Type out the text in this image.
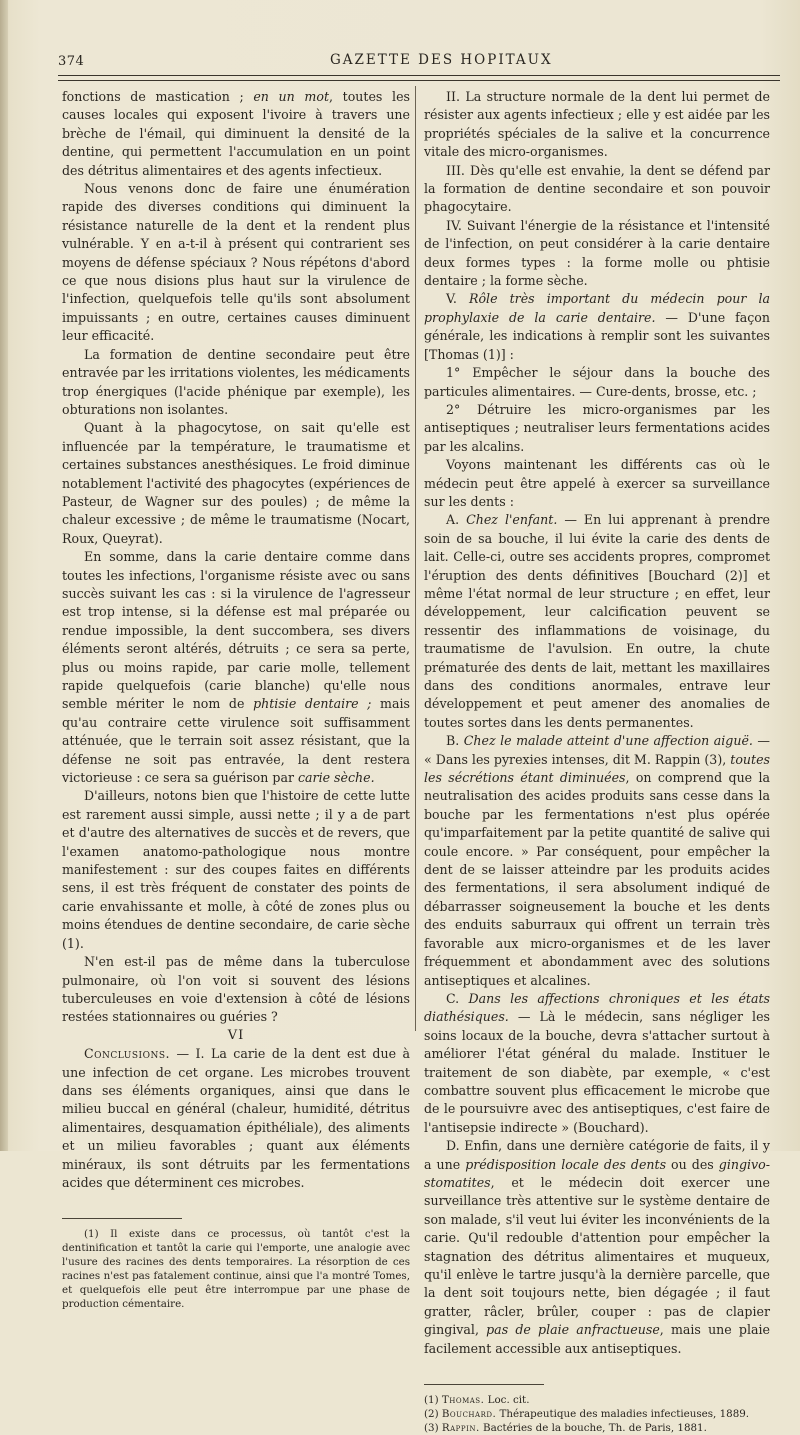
374	GAZETTE DES HOPITAUX

fonctions de mastication ; en un mot, toutes les causes locales qui exposent l'ivoire à travers une brèche de l'émail, qui diminuent la densité de la dentine, qui permettent l'accumulation en un point des détritus alimentaires et des agents infectieux.

Nous venons donc de faire une énumération rapide des diverses conditions qui diminuent la résistance naturelle de la dent et la rendent plus vulnérable. Y en a-t-il à présent qui contrarient ses moyens de défense spéciaux ? Nous répétons d'abord ce que nous disions plus haut sur la virulence de l'infection, quelquefois telle qu'ils sont absolument impuissants ; en outre, certaines causes diminuent leur efficacité.

La formation de dentine secondaire peut être entravée par les irritations violentes, les médicaments trop énergiques (l'acide phénique par exemple), les obturations non isolantes.

Quant à la phagocytose, on sait qu'elle est influencée par la température, le traumatisme et certaines substances anesthésiques. Le froid diminue notablement l'activité des phagocytes (expériences de Pasteur, de Wagner sur des poules) ; de même la chaleur excessive ; de même le traumatisme (Nocart, Roux, Queyrat).

En somme, dans la carie dentaire comme dans toutes les infections, l'organisme résiste avec ou sans succès suivant les cas : si la virulence de l'agresseur est trop intense, si la défense est mal préparée ou rendue impossible, la dent succombera, ses divers éléments seront altérés, détruits ; ce sera sa perte, plus ou moins rapide, par carie molle, tellement rapide quelquefois (carie blanche) qu'elle nous semble mériter le nom de phtisie dentaire ; mais qu'au contraire cette virulence soit suffisamment atténuée, que le terrain soit assez résistant, que la défense ne soit pas entravée, la dent restera victorieuse : ce sera sa guérison par carie sèche.

D'ailleurs, notons bien que l'histoire de cette lutte est rarement aussi simple, aussi nette ; il y a de part et d'autre des alternatives de succès et de revers, que l'examen anatomo-pathologique nous montre manifestement : sur des coupes faites en différents sens, il est très fréquent de constater des points de carie envahissante et molle, à côté de zones plus ou moins étendues de dentine secondaire, de carie sèche (1).

N'en est-il pas de même dans la tuberculose pulmonaire, où l'on voit si souvent des lésions tuberculeuses en voie d'extension à côté de lésions restées stationnaires ou guéries ?

VI

Conclusions. — I. La carie de la dent est due à une infection de cet organe. Les microbes trouvent dans ses éléments organiques, ainsi que dans le milieu buccal en général (chaleur, humidité, détritus alimentaires, desquamation épithéliale), des aliments et un milieu favorables ; quant aux éléments minéraux, ils sont détruits par les fermentations acides que déterminent ces microbes.

(1) Il existe dans ce processus, où tantôt c'est la dentinification et tantôt la carie qui l'emporte, une analogie avec l'usure des racines des dents temporaires. La résorption de ces racines n'est pas fatalement continue, ainsi que l'a montré Tomes, et quelquefois elle peut être interrompue par une phase de production cémentaire.

II. La structure normale de la dent lui permet de résister aux agents infectieux ; elle y est aidée par les propriétés spéciales de la salive et la concurrence vitale des micro-organismes.

III. Dès qu'elle est envahie, la dent se défend par la formation de dentine secondaire et son pouvoir phagocytaire.

IV. Suivant l'énergie de la résistance et l'intensité de l'infection, on peut considérer à la carie dentaire deux formes types : la forme molle ou phtisie dentaire ; la forme sèche.

V. Rôle très important du médecin pour la prophylaxie de la carie dentaire. — D'une façon générale, les indications à remplir sont les suivantes [Thomas (1)] :

1° Empêcher le séjour dans la bouche des particules alimentaires. — Cure-dents, brosse, etc. ;

2° Détruire les micro-organismes par les antiseptiques ; neutraliser leurs fermentations acides par les alcalins.

Voyons maintenant les différents cas où le médecin peut être appelé à exercer sa surveillance sur les dents :

A. Chez l'enfant. — En lui apprenant à prendre soin de sa bouche, il lui évite la carie des dents de lait. Celle-ci, outre ses accidents propres, compromet l'éruption des dents définitives [Bouchard (2)] et même l'état normal de leur structure ; en effet, leur développement, leur calcification peuvent se ressentir des inflammations de voisinage, du traumatisme de l'avulsion. En outre, la chute prématurée des dents de lait, mettant les maxillaires dans des conditions anormales, entrave leur développement et peut amener des anomalies de toutes sortes dans les dents permanentes.

B. Chez le malade atteint d'une affection aiguë. — « Dans les pyrexies intenses, dit M. Rappin (3), toutes les sécrétions étant diminuées, on comprend que la neutralisation des acides produits sans cesse dans la bouche par les fermentations n'est plus opérée qu'imparfaitement par la petite quantité de salive qui coule encore. » Par conséquent, pour empêcher la dent de se laisser atteindre par les produits acides des fermentations, il sera absolument indiqué de débarrasser soigneusement la bouche et les dents des enduits saburraux qui offrent un terrain très favorable aux micro-organismes et de les laver fréquemment et abondamment avec des solutions antiseptiques et alcalines.

C. Dans les affections chroniques et les états diathésiques. — Là le médecin, sans négliger les soins locaux de la bouche, devra s'attacher surtout à améliorer l'état général du malade. Instituer le traitement de son diabète, par exemple, « c'est combattre souvent plus efficacement le microbe que de le poursuivre avec des antiseptiques, c'est faire de l'antisepsie indirecte » (Bouchard).

D. Enfin, dans une dernière catégorie de faits, il y a une prédisposition locale des dents ou des gingivo-stomatites, et le médecin doit exercer une surveillance très attentive sur le système dentaire de son malade, s'il veut lui éviter les inconvénients de la carie. Qu'il redouble d'attention pour empêcher la stagnation des détritus alimentaires et muqueux, qu'il enlève le tartre jusqu'à la dernière parcelle, que la dent soit toujours nette, bien dégagée ; il faut gratter, râcler, brûler, couper : pas de clapier gingival, pas de plaie anfractueuse, mais une plaie facilement accessible aux antiseptiques.

(1) Thomas. Loc. cit.
(2) Bouchard. Thérapeutique des maladies infectieuses, 1889.
(3) Rappin. Bactéries de la bouche, Th. de Paris, 1881.
